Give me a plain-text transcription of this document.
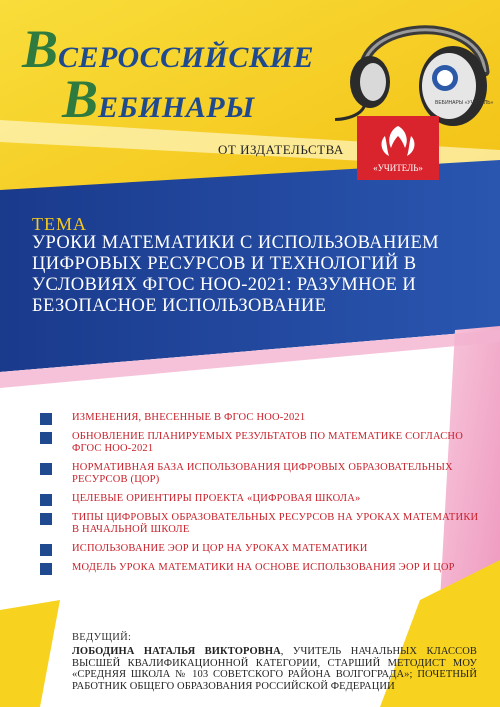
ВСЕРОССИЙСКИЕ
ВЕБИНАРЫ
ОТ ИЗДАТЕЛЬСТВА
ВЕБИНАРЫ «УЧИТЕЛЬ»
«УЧИТЕЛЬ»
ТЕМА
УРОКИ МАТЕМАТИКИ С ИСПОЛЬЗОВАНИЕМ ЦИФРОВЫХ РЕСУРСОВ И ТЕХНОЛОГИЙ В УСЛОВИЯХ ФГОС НОО-2021: РАЗУМНОЕ И БЕЗОПАСНОЕ ИСПОЛЬЗОВАНИЕ
ИЗМЕНЕНИЯ, ВНЕСЕННЫЕ В ФГОС НОО-2021
ОБНОВЛЕНИЕ ПЛАНИРУЕМЫХ РЕЗУЛЬТАТОВ ПО МАТЕМАТИКЕ СОГЛАСНО ФГОС НОО-2021
НОРМАТИВНАЯ БАЗА ИСПОЛЬЗОВАНИЯ ЦИФРОВЫХ ОБРАЗОВАТЕЛЬНЫХ РЕСУРСОВ (ЦОР)
ЦЕЛЕВЫЕ ОРИЕНТИРЫ ПРОЕКТА «ЦИФРОВАЯ ШКОЛА»
ТИПЫ ЦИФРОВЫХ ОБРАЗОВАТЕЛЬНЫХ РЕСУРСОВ НА УРОКАХ МАТЕМАТИКИ В НАЧАЛЬНОЙ ШКОЛЕ
ИСПОЛЬЗОВАНИЕ ЭОР И ЦОР НА УРОКАХ МАТЕМАТИКИ
МОДЕЛЬ УРОКА МАТЕМАТИКИ НА ОСНОВЕ ИСПОЛЬЗОВАНИЯ ЭОР И ЦОР
ВЕДУЩИЙ:
ЛОБОДИНА НАТАЛЬЯ ВИКТОРОВНА, УЧИТЕЛЬ НАЧАЛЬНЫХ КЛАССОВ ВЫСШЕЙ КВАЛИФИКАЦИОННОЙ КАТЕГОРИИ, СТАРШИЙ МЕТОДИСТ МОУ «СРЕДНЯЯ ШКОЛА № 103 СОВЕТСКОГО РАЙОНА ВОЛГОГРАДА»; ПОЧЕТНЫЙ РАБОТНИК ОБЩЕГО ОБРАЗОВАНИЯ РОССИЙСКОЙ ФЕДЕРАЦИИ
